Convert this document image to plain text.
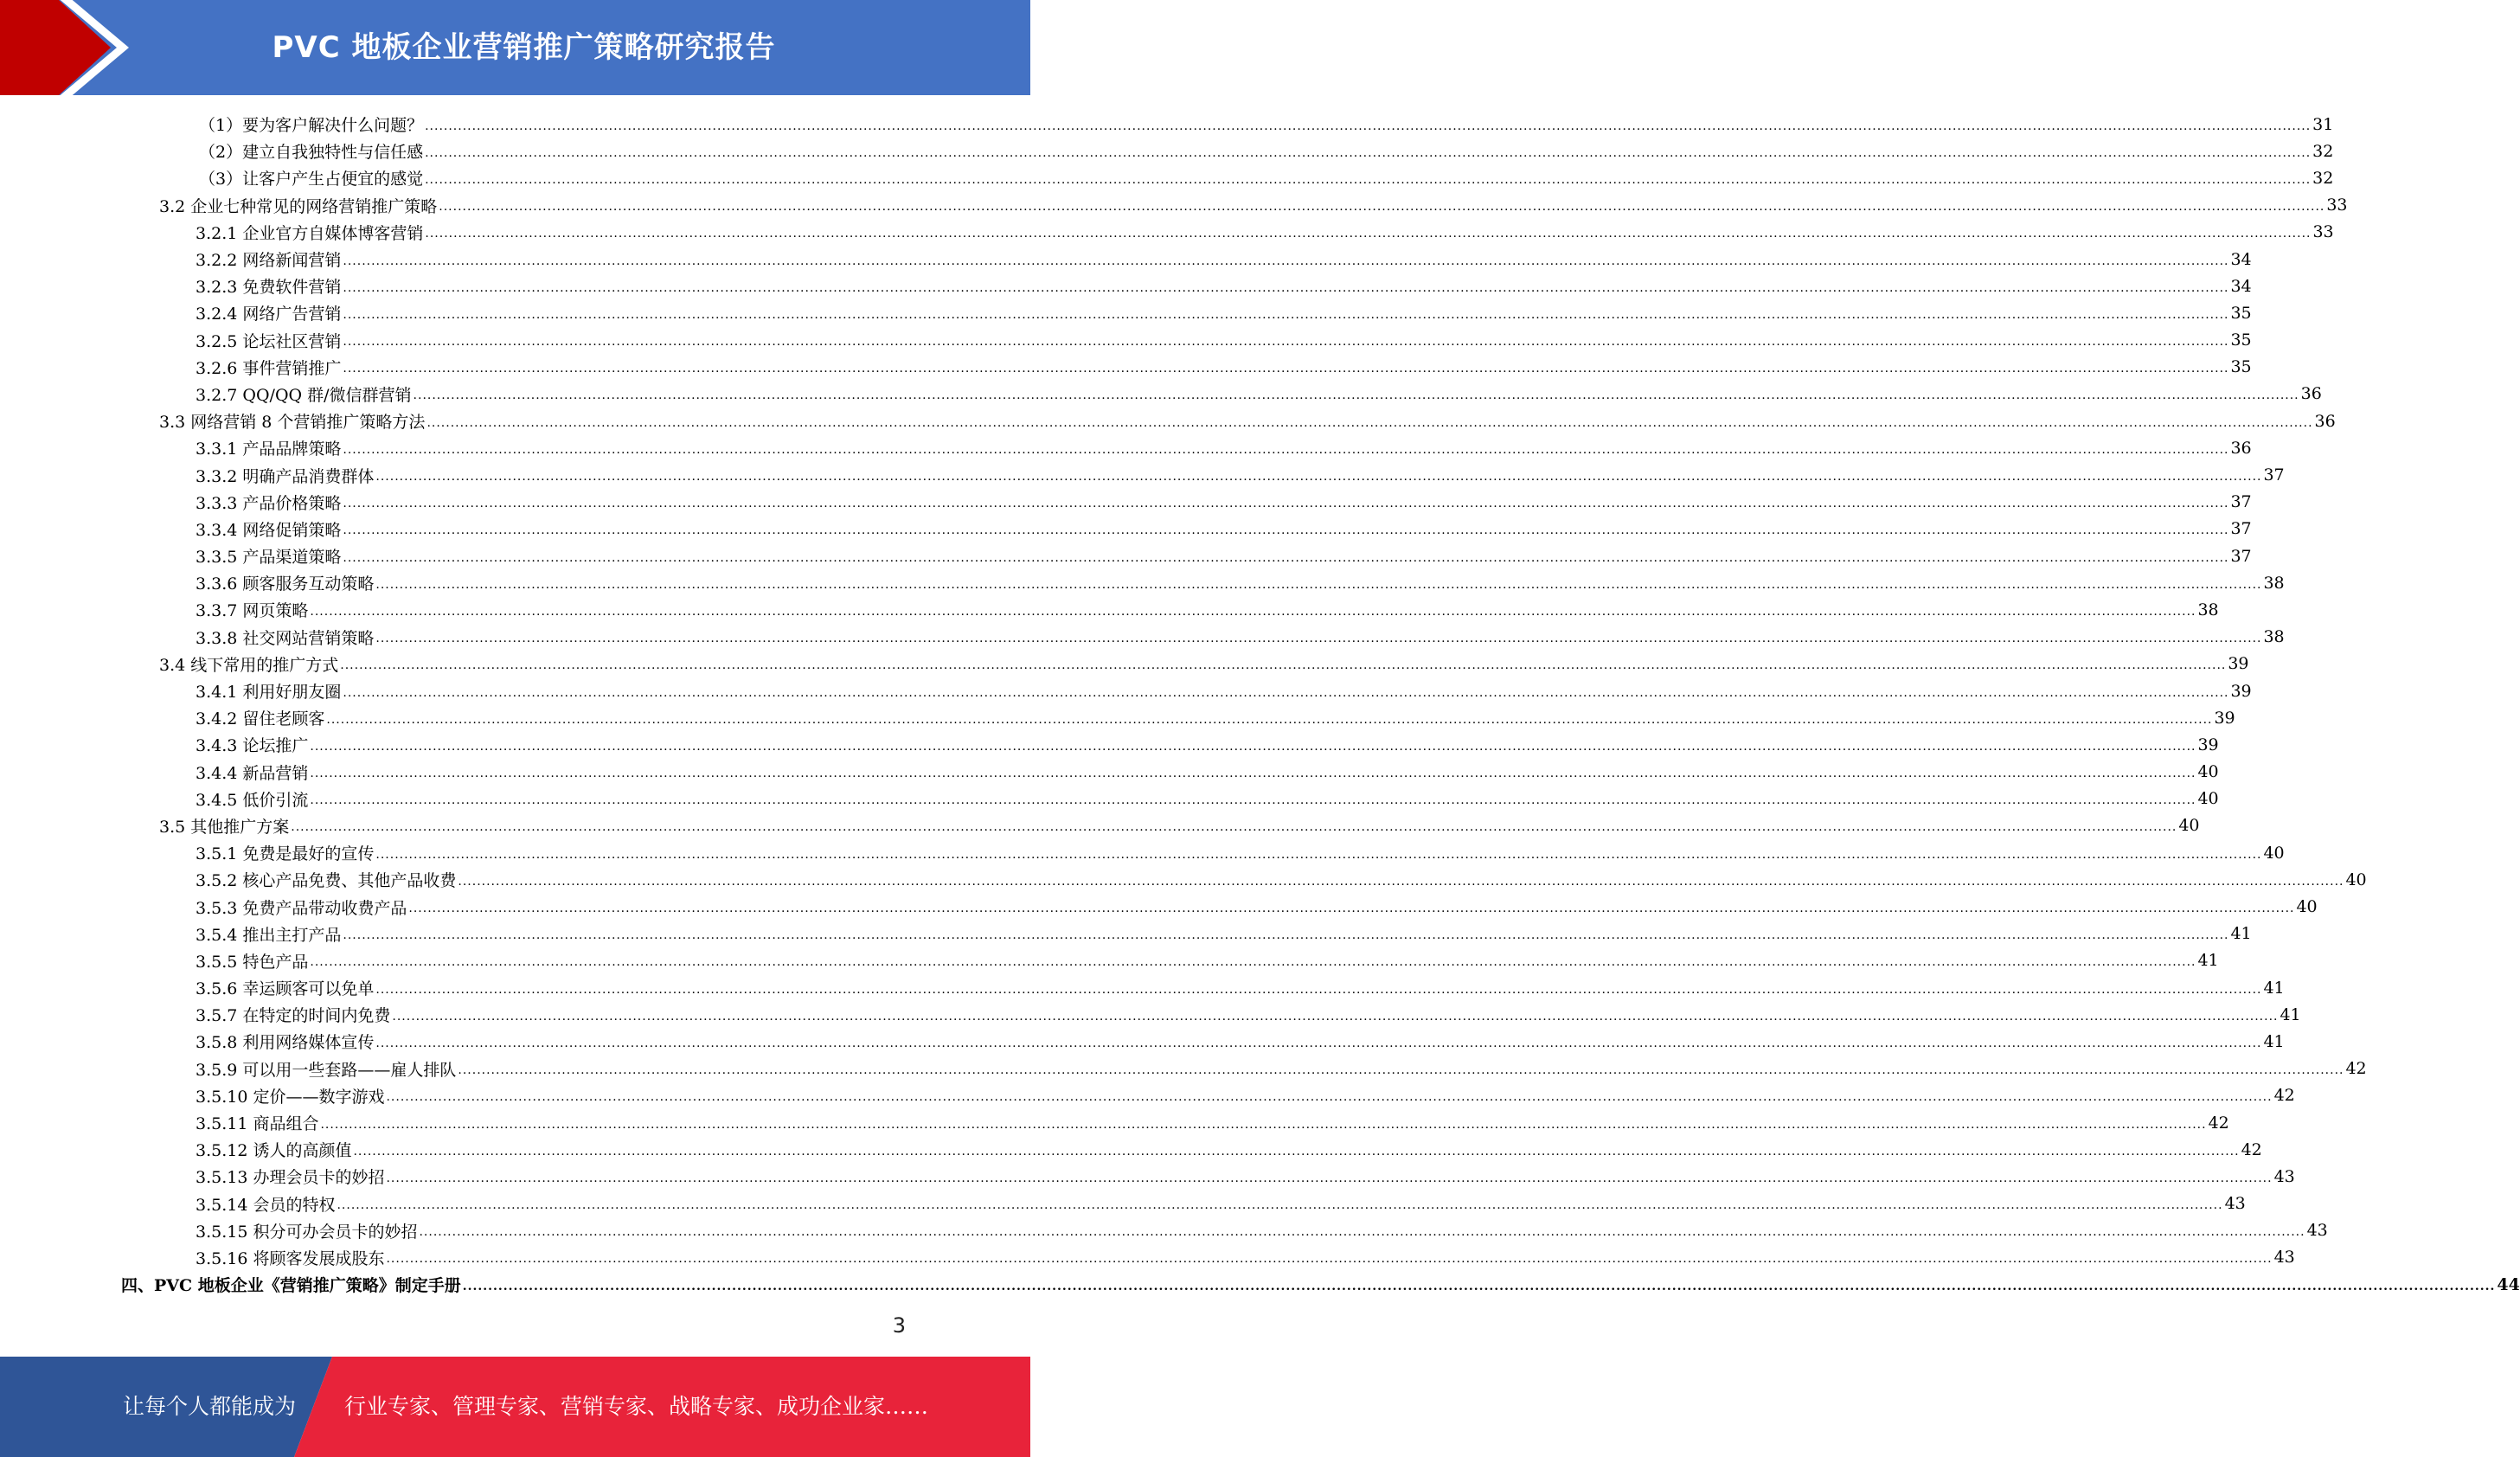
PVC 地板企业营销推广策略研究报告
（1）要为客户解决什么问题？ ................................................................................................................................................................................................................................................................................................................................................................................................................ 31
（2）建立自我独特性与信任感 ................................................................................................................................................................................................................................................................................................................................................................................................................ 32
（3）让客户产生占便宜的感觉 ................................................................................................................................................................................................................................................................................................................................................................................................................ 32
3.2 企业七种常见的网络营销推广策略 ................................................................................................................................................................................................................................................................................................................................................................................................................ 33
3.2.1 企业官方自媒体博客营销 ................................................................................................................................................................................................................................................................................................................................................................................................................ 33
3.2.2 网络新闻营销 ................................................................................................................................................................................................................................................................................................................................................................................................................ 34
3.2.3 免费软件营销 ................................................................................................................................................................................................................................................................................................................................................................................................................ 34
3.2.4 网络广告营销 ................................................................................................................................................................................................................................................................................................................................................................................................................ 35
3.2.5 论坛社区营销 ................................................................................................................................................................................................................................................................................................................................................................................................................ 35
3.2.6 事件营销推广 ................................................................................................................................................................................................................................................................................................................................................................................................................ 35
3.2.7 QQ/QQ 群/微信群营销 ................................................................................................................................................................................................................................................................................................................................................................................................................ 36
3.3 网络营销 8 个营销推广策略方法 ................................................................................................................................................................................................................................................................................................................................................................................................................ 36
3.3.1 产品品牌策略 ................................................................................................................................................................................................................................................................................................................................................................................................................ 36
3.3.2 明确产品消费群体 ................................................................................................................................................................................................................................................................................................................................................................................................................ 37
3.3.3 产品价格策略 ................................................................................................................................................................................................................................................................................................................................................................................................................ 37
3.3.4 网络促销策略 ................................................................................................................................................................................................................................................................................................................................................................................................................ 37
3.3.5 产品渠道策略 ................................................................................................................................................................................................................................................................................................................................................................................................................ 37
3.3.6 顾客服务互动策略 ................................................................................................................................................................................................................................................................................................................................................................................................................ 38
3.3.7 网页策略 ................................................................................................................................................................................................................................................................................................................................................................................................................ 38
3.3.8 社交网站营销策略 ................................................................................................................................................................................................................................................................................................................................................................................................................ 38
3.4 线下常用的推广方式 ................................................................................................................................................................................................................................................................................................................................................................................................................ 39
3.4.1 利用好朋友圈 ................................................................................................................................................................................................................................................................................................................................................................................................................ 39
3.4.2 留住老顾客 ................................................................................................................................................................................................................................................................................................................................................................................................................ 39
3.4.3 论坛推广 ................................................................................................................................................................................................................................................................................................................................................................................................................ 39
3.4.4 新品营销 ................................................................................................................................................................................................................................................................................................................................................................................................................ 40
3.4.5 低价引流 ................................................................................................................................................................................................................................................................................................................................................................................................................ 40
3.5 其他推广方案 ................................................................................................................................................................................................................................................................................................................................................................................................................ 40
3.5.1 免费是最好的宣传 ................................................................................................................................................................................................................................................................................................................................................................................................................ 40
3.5.2 核心产品免费、其他产品收费 ................................................................................................................................................................................................................................................................................................................................................................................................................ 40
3.5.3 免费产品带动收费产品 ................................................................................................................................................................................................................................................................................................................................................................................................................ 40
3.5.4 推出主打产品 ................................................................................................................................................................................................................................................................................................................................................................................................................ 41
3.5.5 特色产品 ................................................................................................................................................................................................................................................................................................................................................................................................................ 41
3.5.6 幸运顾客可以免单 ................................................................................................................................................................................................................................................................................................................................................................................................................ 41
3.5.7 在特定的时间内免费 ................................................................................................................................................................................................................................................................................................................................................................................................................ 41
3.5.8 利用网络媒体宣传 ................................................................................................................................................................................................................................................................................................................................................................................................................ 41
3.5.9 可以用一些套路——雇人排队 ................................................................................................................................................................................................................................................................................................................................................................................................................ 42
3.5.10 定价——数字游戏 ................................................................................................................................................................................................................................................................................................................................................................................................................ 42
3.5.11 商品组合 ................................................................................................................................................................................................................................................................................................................................................................................................................ 42
3.5.12 诱人的高颜值 ................................................................................................................................................................................................................................................................................................................................................................................................................ 42
3.5.13 办理会员卡的妙招 ................................................................................................................................................................................................................................................................................................................................................................................................................ 43
3.5.14 会员的特权 ................................................................................................................................................................................................................................................................................................................................................................................................................ 43
3.5.15 积分可办会员卡的妙招 ................................................................................................................................................................................................................................................................................................................................................................................................................ 43
3.5.16 将顾客发展成股东 ................................................................................................................................................................................................................................................................................................................................................................................................................ 43
四、PVC 地板企业《营销推广策略》制定手册 ................................................................................................................................................................................................................................................................................................................................................................................................................ 44
3
让每个人都能成为 行业专家、管理专家、营销专家、战略专家、成功企业家……
